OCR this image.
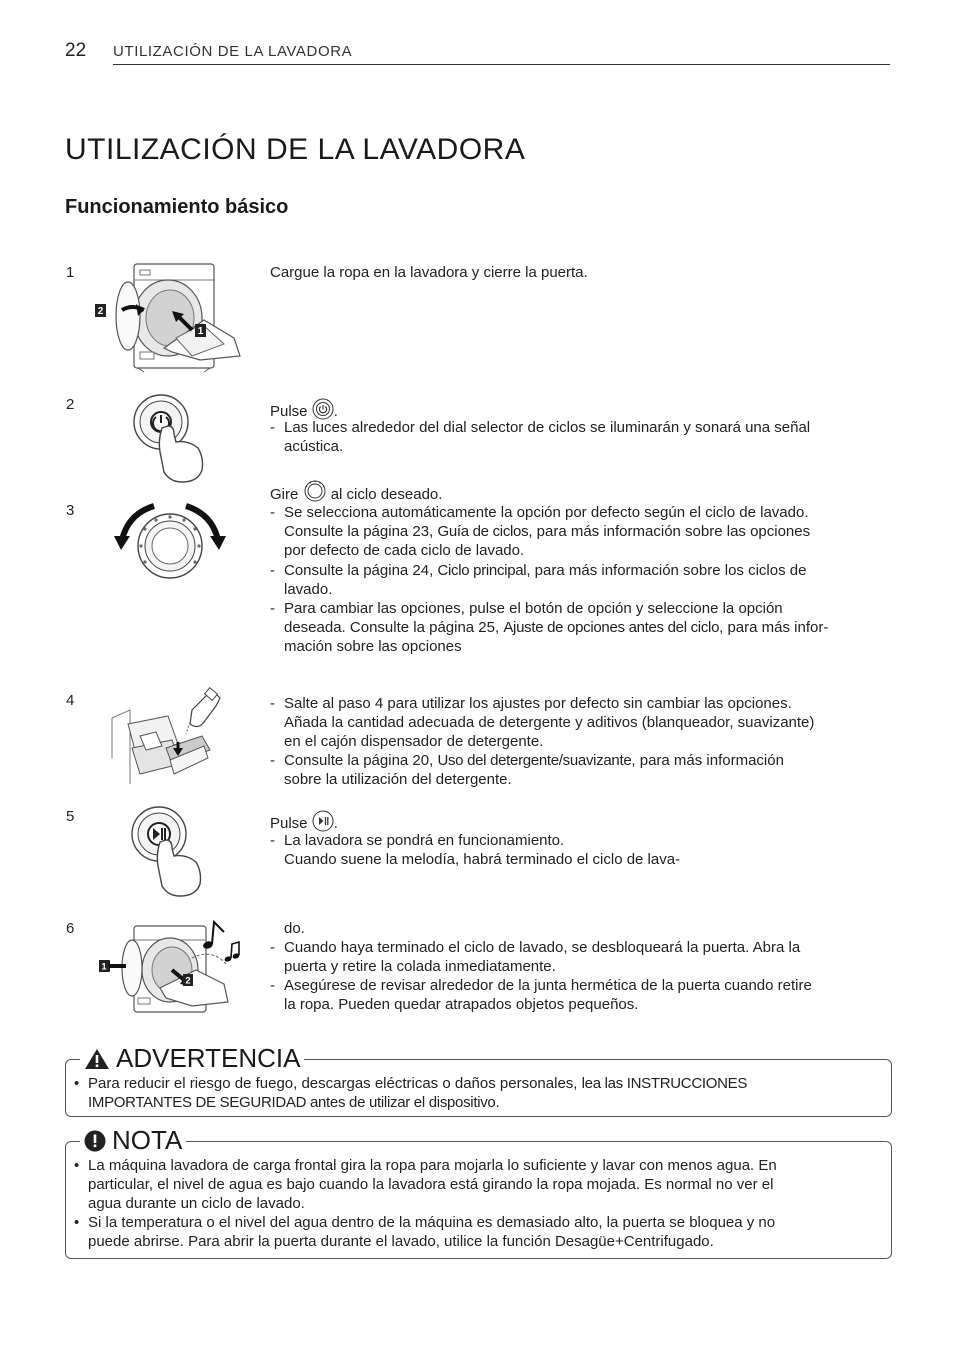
22 UTILIZACIÓN DE LA LAVADORA
UTILIZACIÓN DE LA LAVADORA
Funcionamiento básico
1
2
1
Cargue la ropa en la lavadora y cierre la puerta.
2	Pulse .
- Las luces alrededor del dial selector de ciclos se iluminarán y sonará una señal
acústica.
3
Gire al ciclo deseado.
- Se selecciona automáticamente la opción por defecto según el ciclo de lavado.
Consulte la página 23, Guía de ciclos, para más información sobre las opciones
por defecto de cada ciclo de lavado.
- Consulte la página 24, Ciclo principal, para más información sobre los ciclos de
lavado.
- Para cambiar las opciones, pulse el botón de opción y seleccione la opción
deseada. Consulte la página 25, Ajuste de opciones antes del ciclo, para más infor-
mación sobre las opciones
4	- Salte al paso 4 para utilizar los ajustes por defecto sin cambiar las opciones.
Añada la cantidad adecuada de detergente y aditivos (blanqueador, suavizante)
en el cajón dispensador de detergente.
- Consulte la página 20, Uso del detergente/suavizante, para más información
sobre la utilización del detergente.
5	Pulse .
- La lavadora se pondrá en funcionamiento.
Cuando suene la melodía, habrá terminado el ciclo de lava-
6
1
2
do.
- Cuando haya terminado el ciclo de lavado, se desbloqueará la puerta. Abra la
puerta y retire la colada inmediatamente.
- Asegúrese de revisar alrededor de la junta hermética de la puerta cuando retire
la ropa. Pueden quedar atrapados objetos pequeños.
ADVERTENCIA
• Para reducir el riesgo de fuego, descargas eléctricas o daños personales, lea las INSTRUCCIONES
IMPORTANTES DE SEGURIDAD antes de utilizar el dispositivo.
NOTA
• La máquina lavadora de carga frontal gira la ropa para mojarla lo suficiente y lavar con menos agua. En
particular, el nivel de agua es bajo cuando la lavadora está girando la ropa mojada. Es normal no ver el
agua durante un ciclo de lavado.
• Si la temperatura o el nivel del agua dentro de la máquina es demasiado alto, la puerta se bloquea y no
puede abrirse. Para abrir la puerta durante el lavado, utilice la función Desagüe+Centrifugado.
